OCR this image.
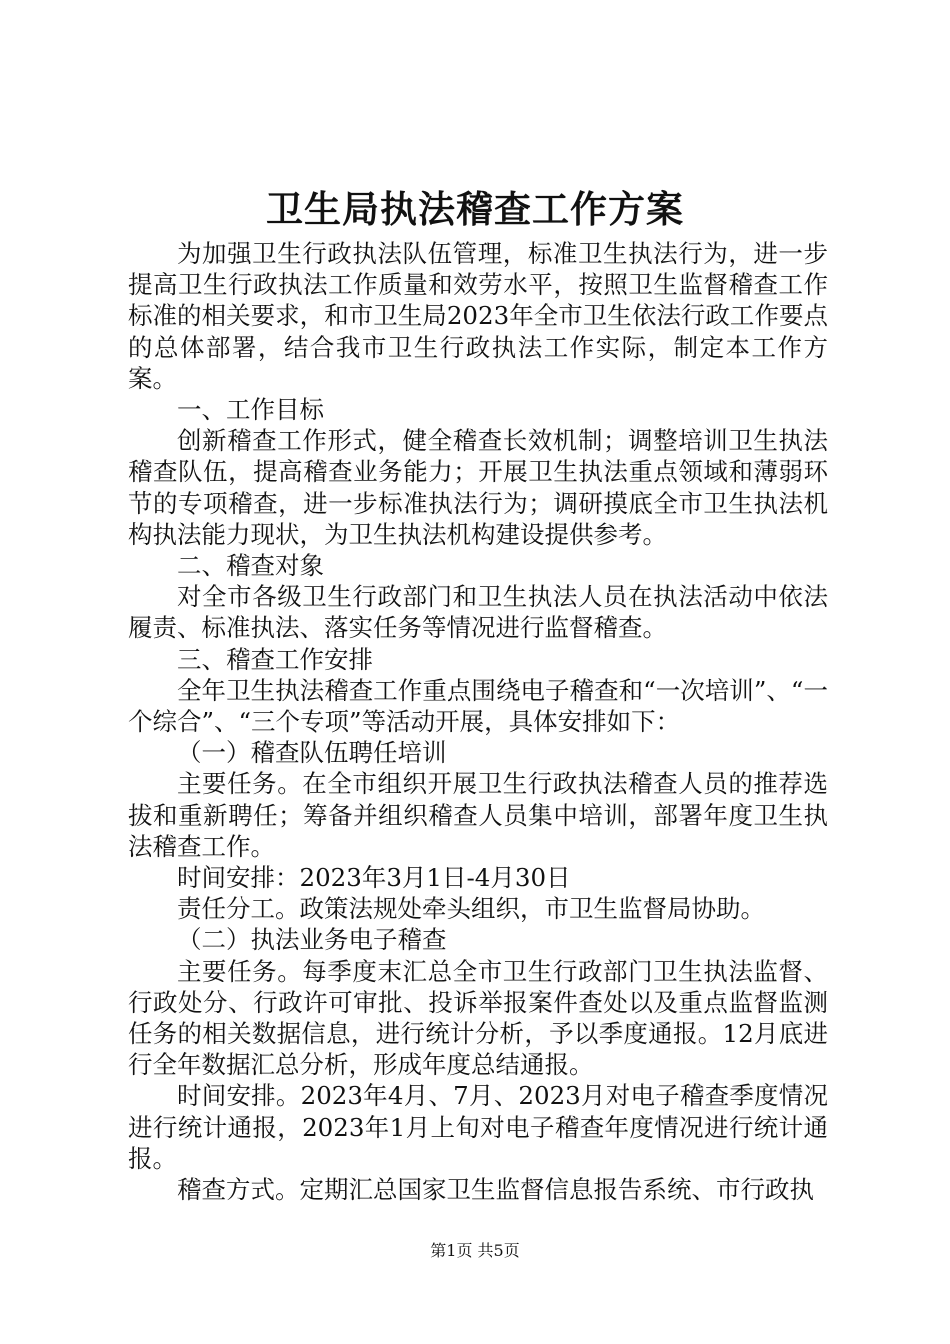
卫生局执法稽查工作方案

为加强卫生行政执法队伍管理，标准卫生执法行为，进一步提高卫生行政执法工作质量和效劳水平，按照卫生监督稽查工作标准的相关要求，和市卫生局2023年全市卫生依法行政工作要点的总体部署，结合我市卫生行政执法工作实际，制定本工作方案。

一、工作目标

创新稽查工作形式，健全稽查长效机制；调整培训卫生执法稽查队伍，提高稽查业务能力；开展卫生执法重点领域和薄弱环节的专项稽查，进一步标准执法行为；调研摸底全市卫生执法机构执法能力现状，为卫生执法机构建设提供参考。

二、稽查对象

对全市各级卫生行政部门和卫生执法人员在执法活动中依法履责、标准执法、落实任务等情况进行监督稽查。

三、稽查工作安排

全年卫生执法稽查工作重点围绕电子稽查和“一次培训”、“一个综合”、“三个专项”等活动开展，具体安排如下：

（一）稽查队伍聘任培训

主要任务。在全市组织开展卫生行政执法稽查人员的推荐选拔和重新聘任；筹备并组织稽查人员集中培训，部署年度卫生执法稽查工作。

时间安排：2023年3月1日-4月30日

责任分工。政策法规处牵头组织，市卫生监督局协助。

（二）执法业务电子稽查

主要任务。每季度末汇总全市卫生行政部门卫生执法监督、行政处分、行政许可审批、投诉举报案件查处以及重点监督监测任务的相关数据信息，进行统计分析，予以季度通报。12月底进行全年数据汇总分析，形成年度总结通报。

时间安排。2023年4月、7月、2023月对电子稽查季度情况进行统计通报，2023年1月上旬对电子稽查年度情况进行统计通报。

稽查方式。定期汇总国家卫生监督信息报告系统、市行政执

第1页 共5页
